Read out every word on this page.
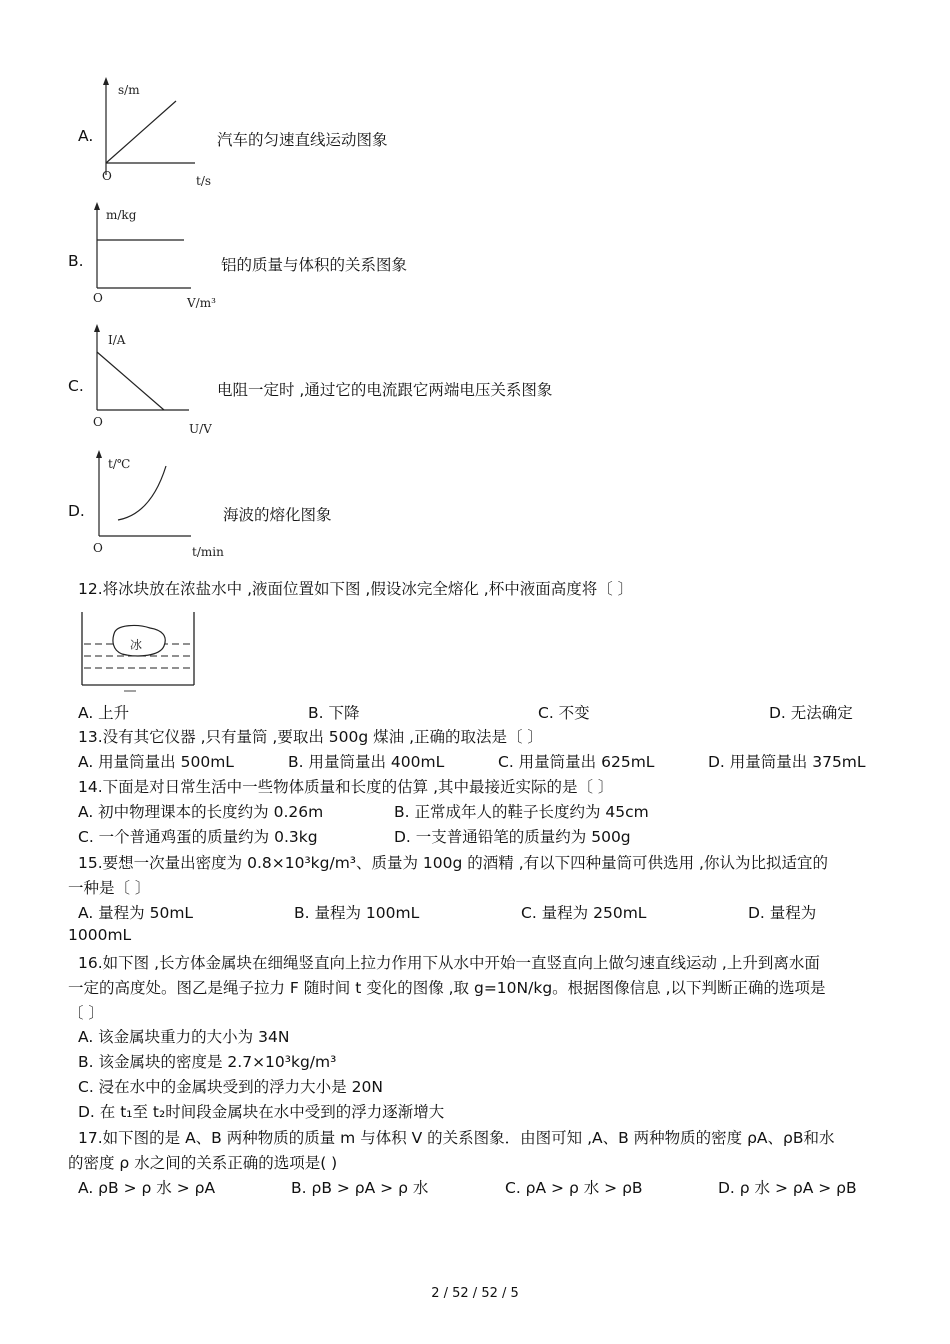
A.
s/m
O	t/s
汽车的匀速直线运动图象
B.
m/kg
O	V/m³
铝的质量与体积的关系图象
C.
I/A
O	U/V
电阻一定时 ,通过它的电流跟它两端电压关系图象
D.
t/℃
O	t/min
海波的熔化图象
12.将冰块放在浓盐水中 ,液面位置如下图 ,假设冰完全熔化 ,杯中液面高度将〔 〕
冰
A. 上升	B. 下降	C. 不变	D. 无法确定
13.没有其它仪器 ,只有量筒 ,要取出 500g 煤油 ,正确的取法是〔 〕
A. 用量筒量出 500mL	B. 用量筒量出 400mL	C. 用量筒量出 625mL	D. 用量筒量出 375mL
14.下面是对日常生活中一些物体质量和长度的估算 ,其中最接近实际的是〔 〕
A. 初中物理课本的长度约为 0.26m	B. 正常成年人的鞋子长度约为 45cm
C. 一个普通鸡蛋的质量约为 0.3kg	D. 一支普通铅笔的质量约为 500g
15.要想一次量出密度为 0.8×10³kg/m³、质量为 100g 的酒精 ,有以下四种量筒可供选用 ,你认为比拟适宜的
一种是〔 〕
A. 量程为 50mL	B. 量程为 100mL	C. 量程为 250mL	D. 量程为
1000mL
16.如下图 ,长方体金属块在细绳竖直向上拉力作用下从水中开始一直竖直向上做匀速直线运动 ,上升到离水面
一定的高度处。图乙是绳子拉力 F 随时间 t 变化的图像 ,取 g=10N/kg。根据图像信息 ,以下判断正确的选项是
〔 〕
A. 该金属块重力的大小为 34N
B. 该金属块的密度是 2.7×10³kg/m³
C. 浸在水中的金属块受到的浮力大小是 20N
D. 在 t₁至 t₂时间段金属块在水中受到的浮力逐渐增大
17.如下图的是 A、B 两种物质的质量 m 与体积 V 的关系图象．由图可知 ,A、B 两种物质的密度 ρA、ρB和水
的密度 ρ 水之间的关系正确的选项是( )
A. ρB > ρ 水 > ρA	B. ρB > ρA > ρ 水	C. ρA > ρ 水 > ρB	D. ρ 水 > ρA > ρB
2 / 52 / 52 / 5
